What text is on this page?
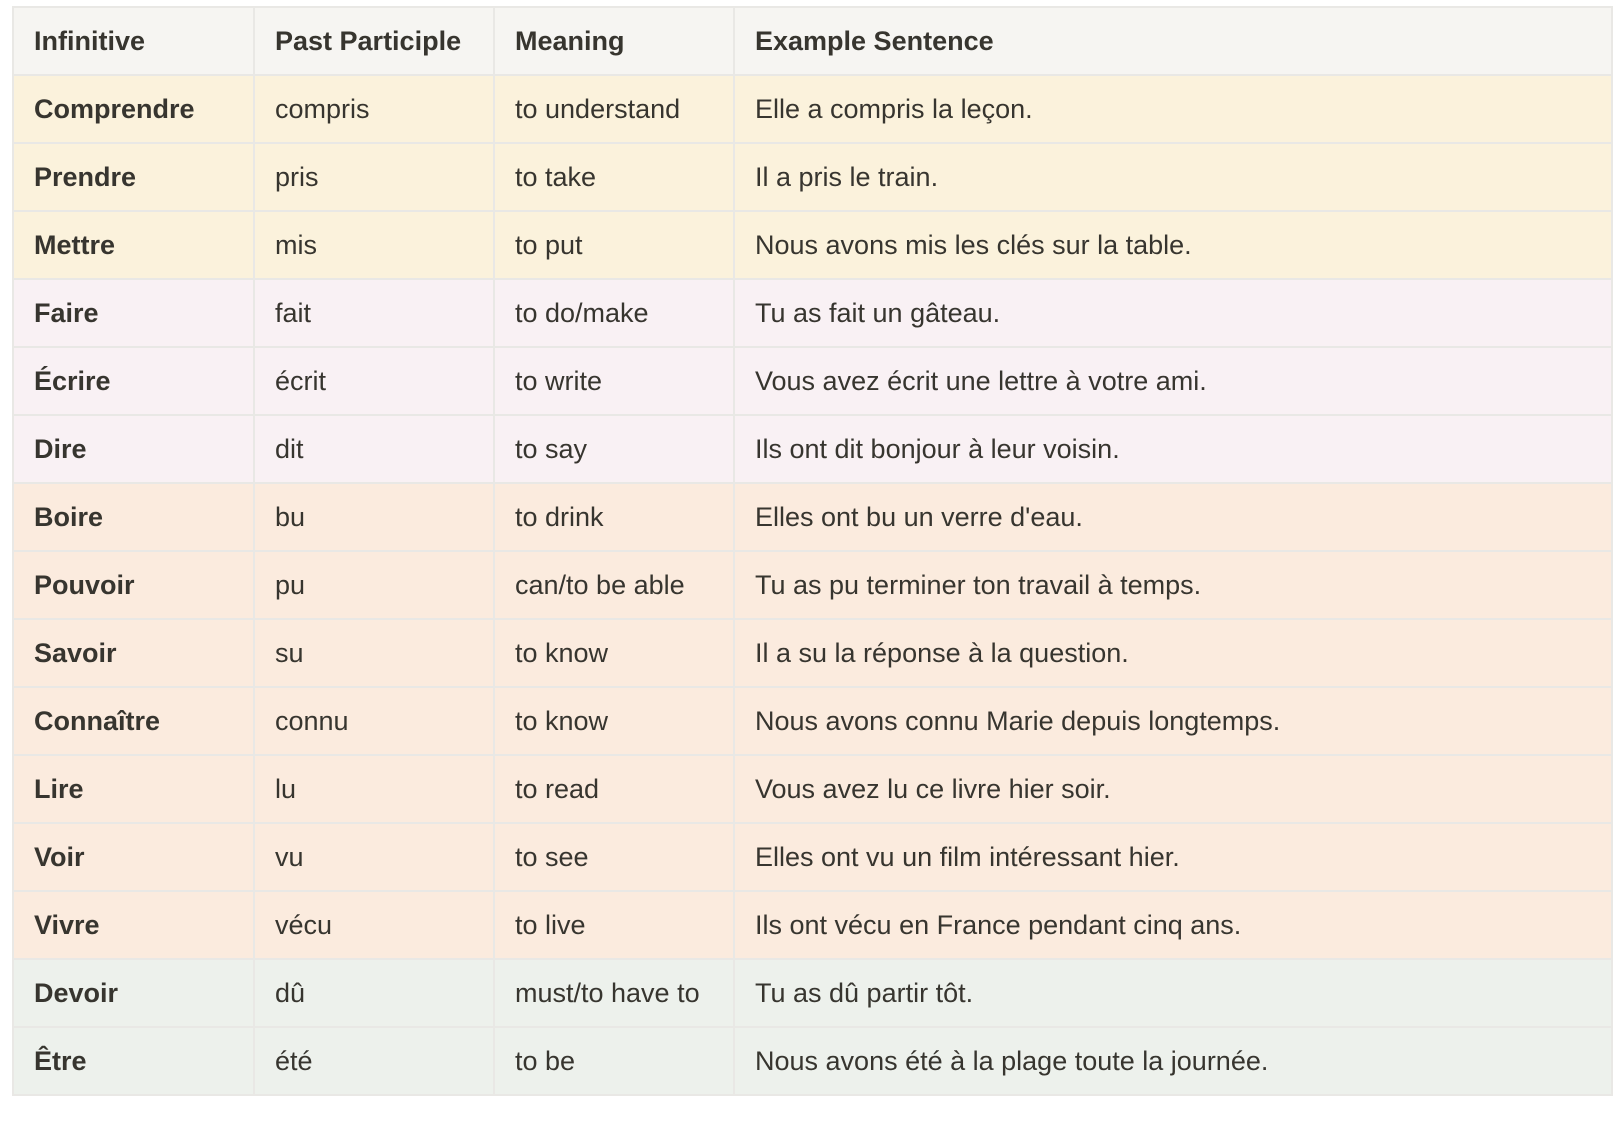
Infinitive	Past Participle	Meaning	Example Sentence
Comprendre	compris	to understand	Elle a compris la leçon.
Prendre	pris	to take	Il a pris le train.
Mettre	mis	to put	Nous avons mis les clés sur la table.
Faire	fait	to do/make	Tu as fait un gâteau.
Écrire	écrit	to write	Vous avez écrit une lettre à votre ami.
Dire	dit	to say	Ils ont dit bonjour à leur voisin.
Boire	bu	to drink	Elles ont bu un verre d'eau.
Pouvoir	pu	can/to be able	Tu as pu terminer ton travail à temps.
Savoir	su	to know	Il a su la réponse à la question.
Connaître	connu	to know	Nous avons connu Marie depuis longtemps.
Lire	lu	to read	Vous avez lu ce livre hier soir.
Voir	vu	to see	Elles ont vu un film intéressant hier.
Vivre	vécu	to live	Ils ont vécu en France pendant cinq ans.
Devoir	dû	must/to have to	Tu as dû partir tôt.
Être	été	to be	Nous avons été à la plage toute la journée.
